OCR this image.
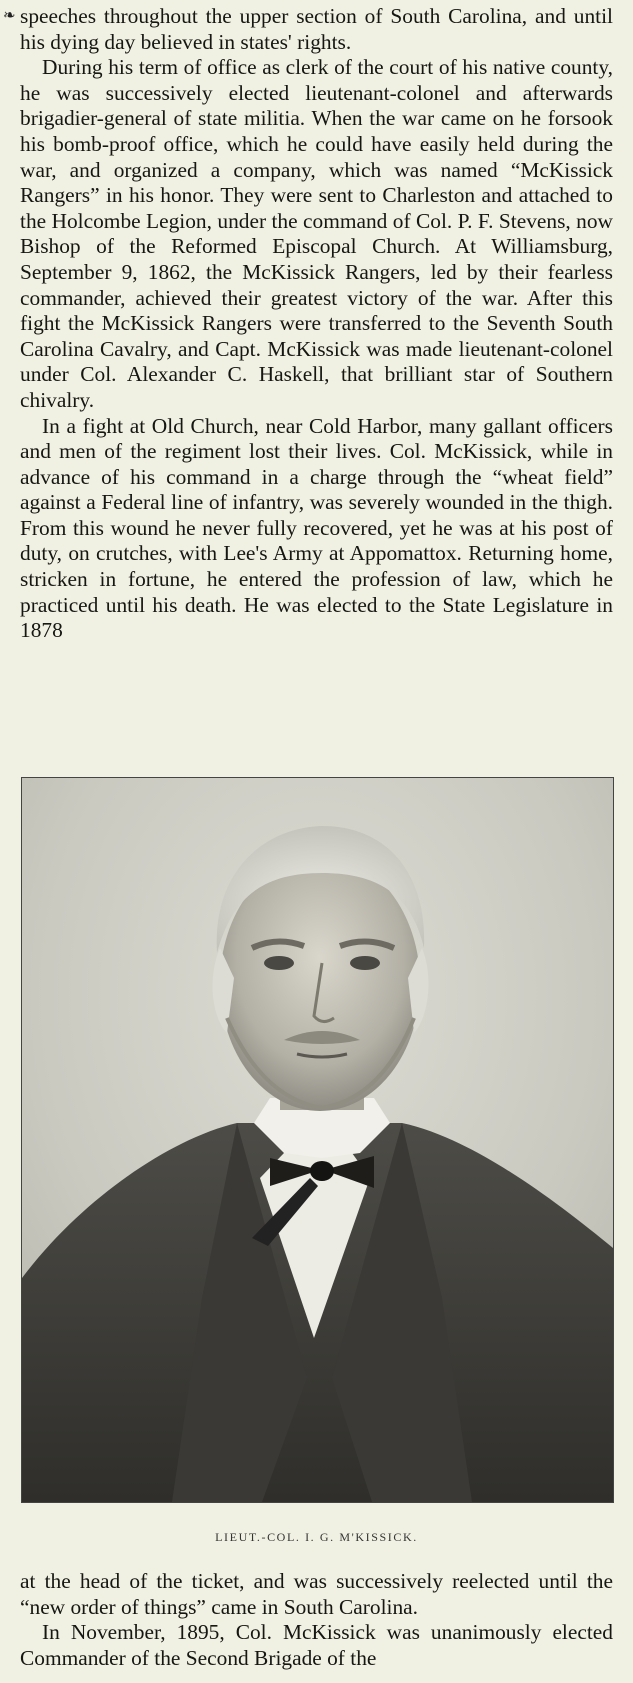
❧ speeches throughout the upper section of South Carolina, and until his dying day believed in states' rights.

During his term of office as clerk of the court of his native county, he was successively elected lieutenant-colonel and afterwards brigadier-general of state militia. When the war came on he forsook his bomb-proof office, which he could have easily held during the war, and organized a company, which was named “McKissick Rangers” in his honor. They were sent to Charleston and attached to the Holcombe Legion, under the command of Col. P. F. Stevens, now Bishop of the Reformed Episcopal Church. At Williamsburg, September 9, 1862, the McKissick Rangers, led by their fearless commander, achieved their greatest victory of the war. After this fight the McKissick Rangers were transferred to the Seventh South Carolina Cavalry, and Capt. McKissick was made lieutenant-colonel under Col. Alexander C. Haskell, that brilliant star of Southern chivalry.

In a fight at Old Church, near Cold Harbor, many gallant officers and men of the regiment lost their lives. Col. McKissick, while in advance of his command in a charge through the “wheat field” against a Federal line of infantry, was severely wounded in the thigh. From this wound he never fully recovered, yet he was at his post of duty, on crutches, with Lee's Army at Appomattox. Returning home, stricken in fortune, he entered the profession of law, which he practiced until his death. He was elected to the State Legislature in 1878

LIEUT.-COL. I. G. M'KISSICK.

at the head of the ticket, and was successively reelected until the “new order of things” came in South Carolina.

In November, 1895, Col. McKissick was unanimously elected Commander of the Second Brigade of the
